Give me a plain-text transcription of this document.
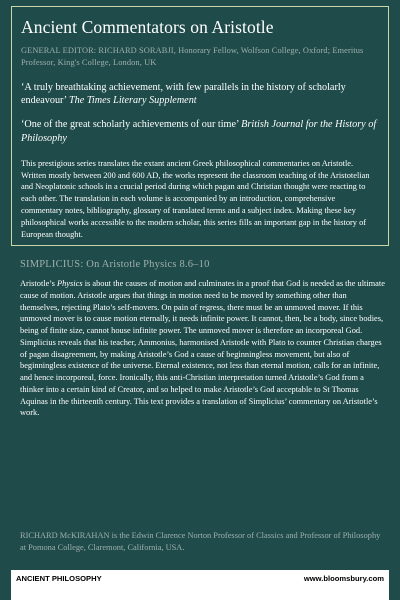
Ancient Commentators on Aristotle
GENERAL EDITOR: RICHARD SORABJI, Honorary Fellow, Wolfson College, Oxford; Emeritus Professor, King's College, London, UK
‘A truly breathtaking achievement, with few parallels in the history of scholarly endeavour’ The Times Literary Supplement
‘One of the great scholarly achievements of our time’ British Journal for the History of Philosophy
This prestigious series translates the extant ancient Greek philosophical commentaries on Aristotle. Written mostly between 200 and 600 AD, the works represent the classroom teaching of the Aristotelian and Neoplatonic schools in a crucial period during which pagan and Christian thought were reacting to each other. The translation in each volume is accompanied by an introduction, comprehensive commentary notes, bibliography, glossary of translated terms and a subject index. Making these key philosophical works accessible to the modern scholar, this series fills an important gap in the history of European thought.
SIMPLICIUS: On Aristotle Physics 8.6–10
Aristotle’s Physics is about the causes of motion and culminates in a proof that God is needed as the ultimate cause of motion. Aristotle argues that things in motion need to be moved by something other than themselves, rejecting Plato’s self-movers. On pain of regress, there must be an unmoved mover. If this unmoved mover is to cause motion eternally, it needs infinite power. It cannot, then, be a body, since bodies, being of finite size, cannot house infinite power. The unmoved mover is therefore an incorporeal God. Simplicius reveals that his teacher, Ammonius, harmonised Aristotle with Plato to counter Christian charges of pagan disagreement, by making Aristotle’s God a cause of beginningless movement, but also of beginningless existence of the universe. Eternal existence, not less than eternal motion, calls for an infinite, and hence incorporeal, force. Ironically, this anti-Christian interpretation turned Aristotle’s God from a thinker into a certain kind of Creator, and so helped to make Aristotle’s God acceptable to St Thomas Aquinas in the thirteenth century. This text provides a translation of Simplicius’ commentary on Aristotle’s work.
RICHARD McKIRAHAN is the Edwin Clarence Norton Professor of Classics and Professor of Philosophy at Pomona College, Claremont, California, USA.
ANCIENT PHILOSOPHY	www.bloomsbury.com
